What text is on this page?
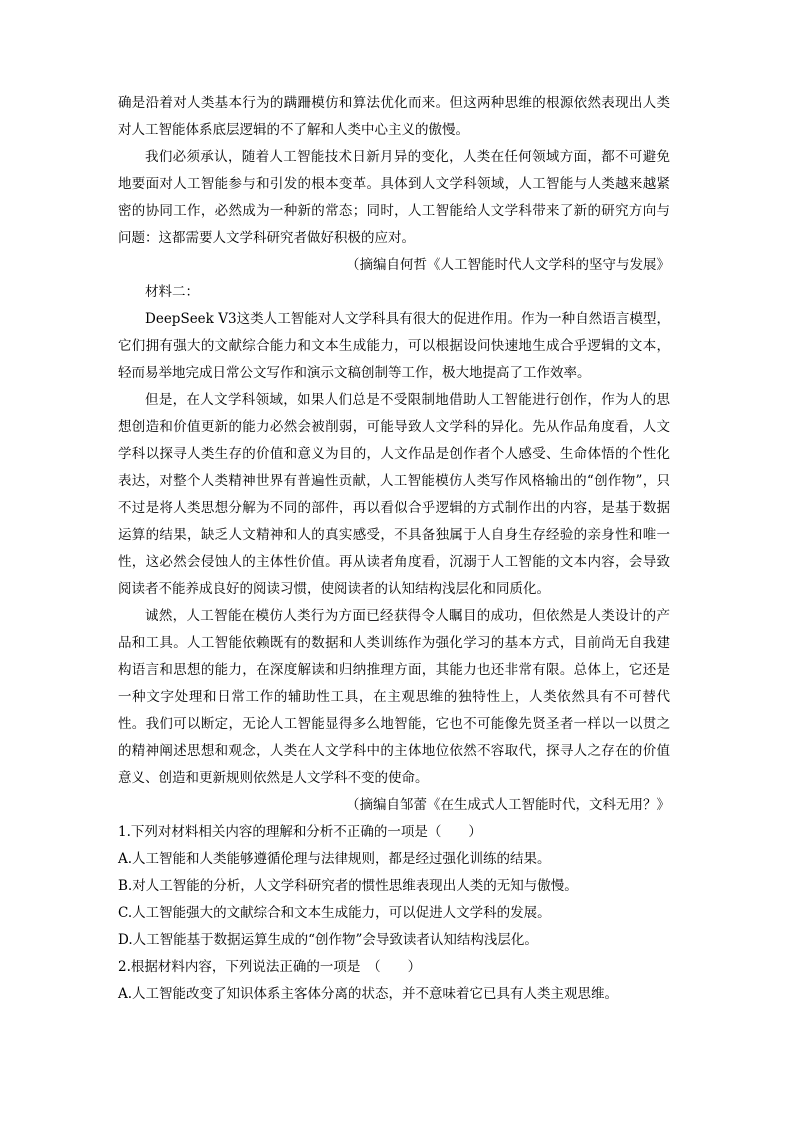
确是沿着对人类基本行为的蹒跚模仿和算法优化而来。但这两种思维的根源依然表现出人类对人工智能体系底层逻辑的不了解和人类中心主义的傲慢。

我们必须承认，随着人工智能技术日新月异的变化，人类在任何领域方面，都不可避免地要面对人工智能参与和引发的根本变革。具体到人文学科领域，人工智能与人类越来越紧密的协同工作，必然成为一种新的常态；同时，人工智能给人文学科带来了新的研究方向与问题：这都需要人文学科研究者做好积极的应对。

（摘编自何哲《人工智能时代人文学科的坚守与发展》

材料二：

DeepSeek V3这类人工智能对人文学科具有很大的促进作用。作为一种自然语言模型，它们拥有强大的文献综合能力和文本生成能力，可以根据设问快速地生成合乎逻辑的文本，轻而易举地完成日常公文写作和演示文稿创制等工作，极大地提高了工作效率。

但是，在人文学科领域，如果人们总是不受限制地借助人工智能进行创作，作为人的思想创造和价值更新的能力必然会被削弱，可能导致人文学科的异化。先从作品角度看，人文学科以探寻人类生存的价值和意义为目的，人文作品是创作者个人感受、生命体悟的个性化表达，对整个人类精神世界有普遍性贡献，人工智能模仿人类写作风格输出的“创作物”，只不过是将人类思想分解为不同的部件，再以看似合乎逻辑的方式制作出的内容，是基于数据运算的结果，缺乏人文精神和人的真实感受，不具备独属于人自身生存经验的亲身性和唯一性，这必然会侵蚀人的主体性价值。再从读者角度看，沉溺于人工智能的文本内容，会导致阅读者不能养成良好的阅读习惯，使阅读者的认知结构浅层化和同质化。

诚然，人工智能在模仿人类行为方面已经获得令人瞩目的成功，但依然是人类设计的产品和工具。人工智能依赖既有的数据和人类训练作为强化学习的基本方式，目前尚无自我建构语言和思想的能力，在深度解读和归纳推理方面，其能力也还非常有限。总体上，它还是一种文字处理和日常工作的辅助性工具，在主观思维的独特性上，人类依然具有不可替代性。我们可以断定，无论人工智能显得多么地智能，它也不可能像先贤圣者一样以一以贯之的精神阐述思想和观念，人类在人文学科中的主体地位依然不容取代，探寻人之存在的价值意义、创造和更新规则依然是人文学科不变的使命。

（摘编自邹蕾《在生成式人工智能时代，文科无用？》

1.下列对材料相关内容的理解和分析不正确的一项是（　　）

A.人工智能和人类能够遵循伦理与法律规则，都是经过强化训练的结果。

B.对人工智能的分析，人文学科研究者的惯性思维表现出人类的无知与傲慢。

C.人工智能强大的文献综合和文本生成能力，可以促进人文学科的发展。

D.人工智能基于数据运算生成的“创作物”会导致读者认知结构浅层化。

2.根据材料内容，下列说法正确的一项是　（　　）

A.人工智能改变了知识体系主客体分离的状态，并不意味着它已具有人类主观思维。
